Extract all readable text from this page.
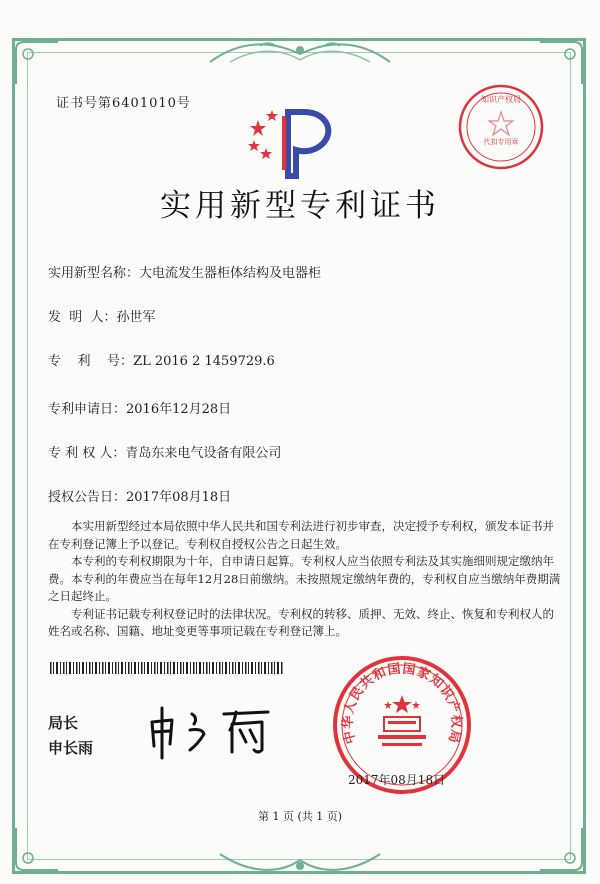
证书号第6401010号	知识产权局
代扣专用章
实用新型专利证书
实用新型名称：大电流发生器柜体结构及电器柜
发  明  人：孙世军
专    利    号：ZL 2016 2 1459729.6
专利申请日：2016年12月28日
专 利 权 人：青岛东来电气设备有限公司
授权公告日：2017年08月18日

本实用新型经过本局依照中华人民共和国专利法进行初步审查，决定授予专利权，颁发本证书并在专利登记簿上予以登记。专利权自授权公告之日起生效。

本专利的专利权期限为十年，自申请日起算。专利权人应当依照专利法及其实施细则规定缴纳年费。本专利的年费应当在每年12月28日前缴纳。未按照规定缴纳年费的，专利权自应当缴纳年费期满之日起终止。

专利证书记载专利权登记时的法律状况。专利权的转移、质押、无效、终止、恢复和专利权人的姓名或名称、国籍、地址变更等事项记载在专利登记簿上。

局长
申长雨
中华人民共和国国家知识产权局
2017年08月18日
第 1 页 (共 1 页)
